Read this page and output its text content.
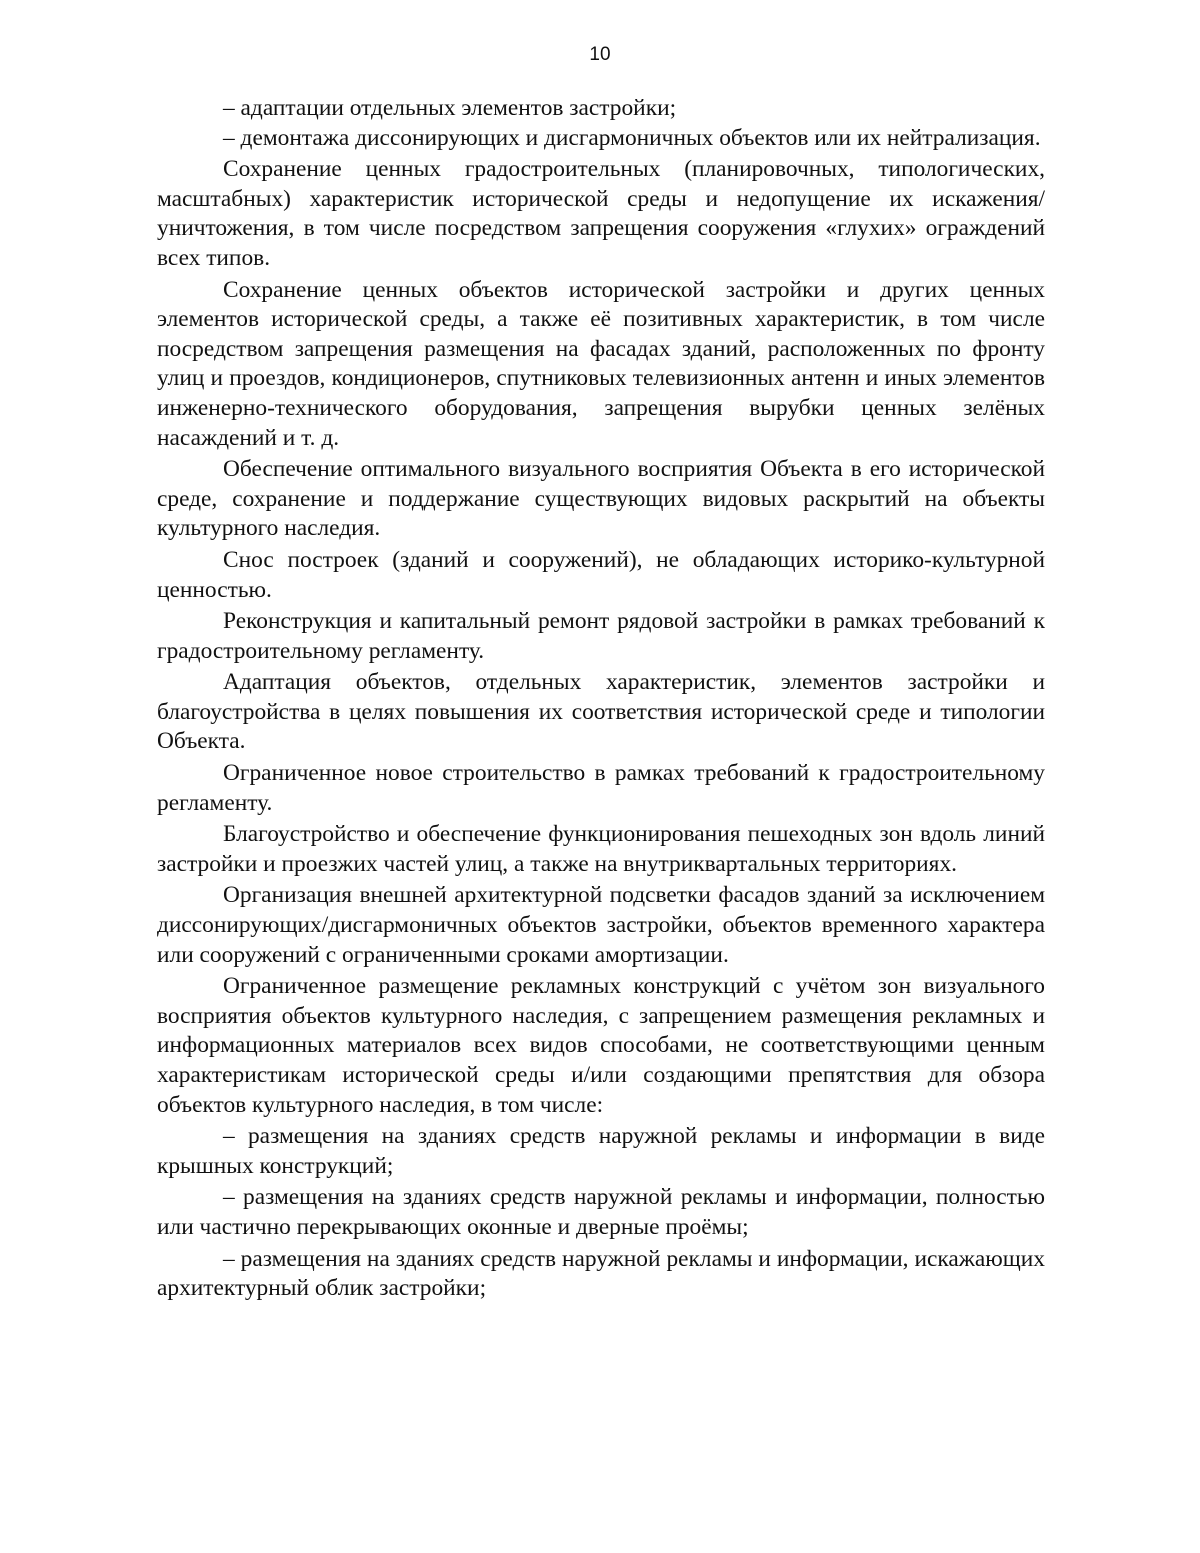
10

– адаптации отдельных элементов застройки;

– демонтажа диссонирующих и дисгармоничных объектов или их нейтрализация.

Сохранение ценных градостроительных (планировочных, типологических, масштабных) характеристик исторической среды и недопущение их искажения/уничтожения, в том числе посредством запрещения сооружения «глухих» ограждений всех типов.

Сохранение ценных объектов исторической застройки и других ценных элементов исторической среды, а также её позитивных характеристик, в том числе посредством запрещения размещения на фасадах зданий, расположенных по фронту улиц и проездов, кондиционеров, спутниковых телевизионных антенн и иных элементов инженерно-технического оборудования, запрещения вырубки ценных зелёных насаждений и т. д.

Обеспечение оптимального визуального восприятия Объекта в его исторической среде, сохранение и поддержание существующих видовых раскрытий на объекты культурного наследия.

Снос построек (зданий и сооружений), не обладающих историко-культурной ценностью.

Реконструкция и капитальный ремонт рядовой застройки в рамках требований к градостроительному регламенту.

Адаптация объектов, отдельных характеристик, элементов застройки и благоустройства в целях повышения их соответствия исторической среде и типологии Объекта.

Ограниченное новое строительство в рамках требований к градостроительному регламенту.

Благоустройство и обеспечение функционирования пешеходных зон вдоль линий застройки и проезжих частей улиц, а также на внутриквартальных территориях.

Организация внешней архитектурной подсветки фасадов зданий за исключением диссонирующих/дисгармоничных объектов застройки, объектов временного характера или сооружений с ограниченными сроками амортизации.

Ограниченное размещение рекламных конструкций с учётом зон визуального восприятия объектов культурного наследия, с запрещением размещения рекламных и информационных материалов всех видов способами, не соответствующими ценным характеристикам исторической среды и/или создающими препятствия для обзора объектов культурного наследия, в том числе:

– размещения на зданиях средств наружной рекламы и информации в виде крышных конструкций;

– размещения на зданиях средств наружной рекламы и информации, полностью или частично перекрывающих оконные и дверные проёмы;

– размещения на зданиях средств наружной рекламы и информации, искажающих архитектурный облик застройки;
